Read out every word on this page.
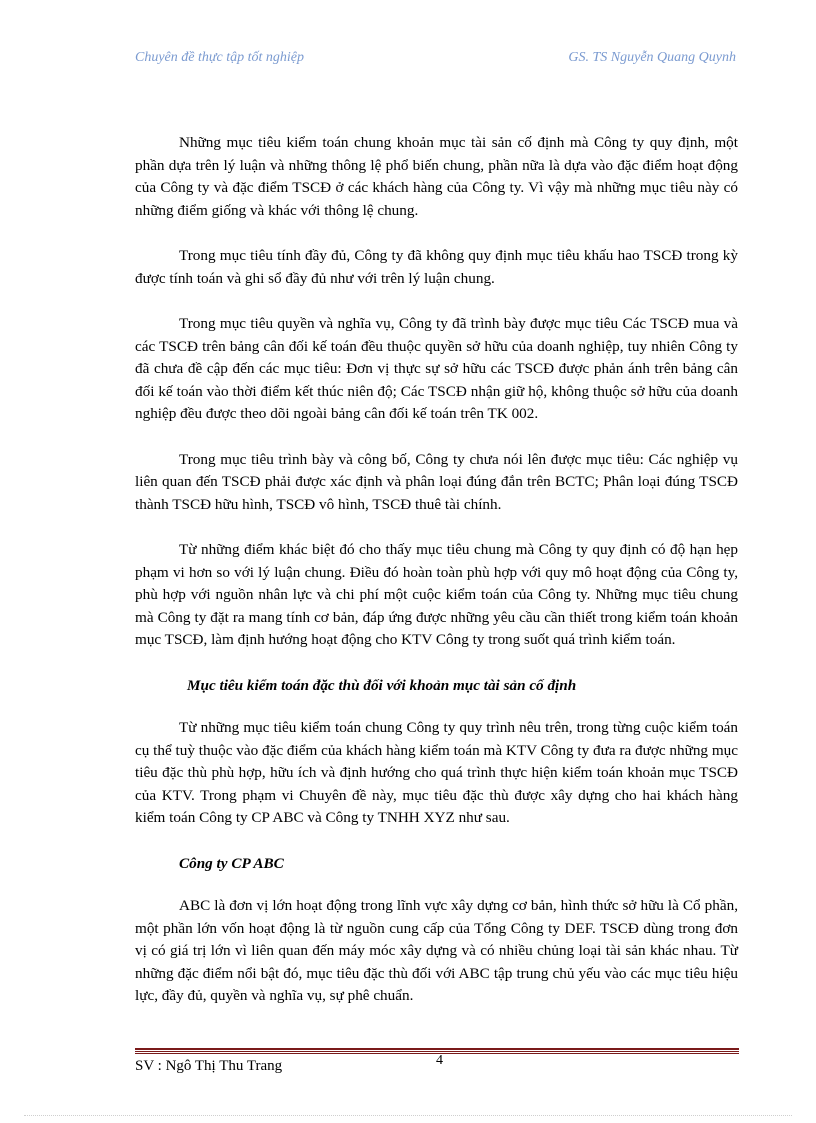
Chuyên đề thực tập tốt nghiệp	GS. TS Nguyễn Quang Quynh

Những mục tiêu kiểm toán chung khoản mục tài sản cố định mà Công ty quy định, một phần dựa trên lý luận và những thông lệ phổ biến chung, phần nữa là dựa vào đặc điểm hoạt động của Công ty và đặc điểm TSCĐ ở các khách hàng của Công ty. Vì vậy mà những mục tiêu này có những điểm giống và khác với thông lệ chung.

Trong mục tiêu tính đầy đủ, Công ty đã không quy định mục tiêu khấu hao TSCĐ trong kỳ được tính toán và ghi sổ đầy đủ như với trên lý luận chung.

Trong mục tiêu quyền và nghĩa vụ, Công ty đã trình bày được mục tiêu Các TSCĐ mua và các TSCĐ trên bảng cân đối kế toán đều thuộc quyền sở hữu của doanh nghiệp, tuy nhiên Công ty đã chưa đề cập đến các mục tiêu: Đơn vị thực sự sở hữu các TSCĐ được phản ánh trên bảng cân đối kế toán vào thời điểm kết thúc niên độ; Các TSCĐ nhận giữ hộ, không thuộc sở hữu của doanh nghiệp đều được theo dõi ngoài bảng cân đối kế toán trên TK 002.

Trong mục tiêu trình bày và công bố, Công ty chưa nói lên được mục tiêu: Các nghiệp vụ liên quan đến TSCĐ phải được xác định và phân loại đúng đắn trên BCTC; Phân loại đúng TSCĐ thành TSCĐ hữu hình, TSCĐ vô hình, TSCĐ thuê tài chính.

Từ những điểm khác biệt đó cho thấy mục tiêu chung mà Công ty quy định có độ hạn hẹp phạm vi hơn so với lý luận chung. Điều đó hoàn toàn phù hợp với quy mô hoạt động của Công ty, phù hợp với nguồn nhân lực và chi phí một cuộc kiểm toán của Công ty. Những mục tiêu chung mà Công ty đặt ra mang tính cơ bản, đáp ứng được những yêu cầu cần thiết trong kiểm toán khoản mục TSCĐ, làm định hướng hoạt động cho KTV Công ty trong suốt quá trình kiểm toán.

Mục tiêu kiểm toán đặc thù đối với khoản mục tài sản cố định

Từ những mục tiêu kiểm toán chung Công ty quy trình nêu trên, trong từng cuộc kiểm toán cụ thể tuỳ thuộc vào đặc điểm của khách hàng kiểm toán mà KTV Công ty đưa ra được những mục tiêu đặc thù phù hợp, hữu ích và định hướng cho quá trình thực hiện kiểm toán khoản mục TSCĐ của KTV. Trong phạm vi Chuyên đề này, mục tiêu đặc thù được xây dựng cho hai khách hàng kiểm toán Công ty CP ABC và Công ty TNHH XYZ như sau.

Công ty CP ABC

ABC là đơn vị lớn hoạt động trong lĩnh vực xây dựng cơ bản, hình thức sở hữu là Cổ phần, một phần lớn vốn hoạt động là từ nguồn cung cấp của Tổng Công ty DEF. TSCĐ dùng trong đơn vị có giá trị lớn vì liên quan đến máy móc xây dựng và có nhiều chủng loại tài sản khác nhau. Từ những đặc điểm nổi bật đó, mục tiêu đặc thù đối với ABC tập trung chủ yếu vào các mục tiêu hiệu lực, đầy đủ, quyền và nghĩa vụ, sự phê chuẩn.

4
SV : Ngô Thị Thu Trang
